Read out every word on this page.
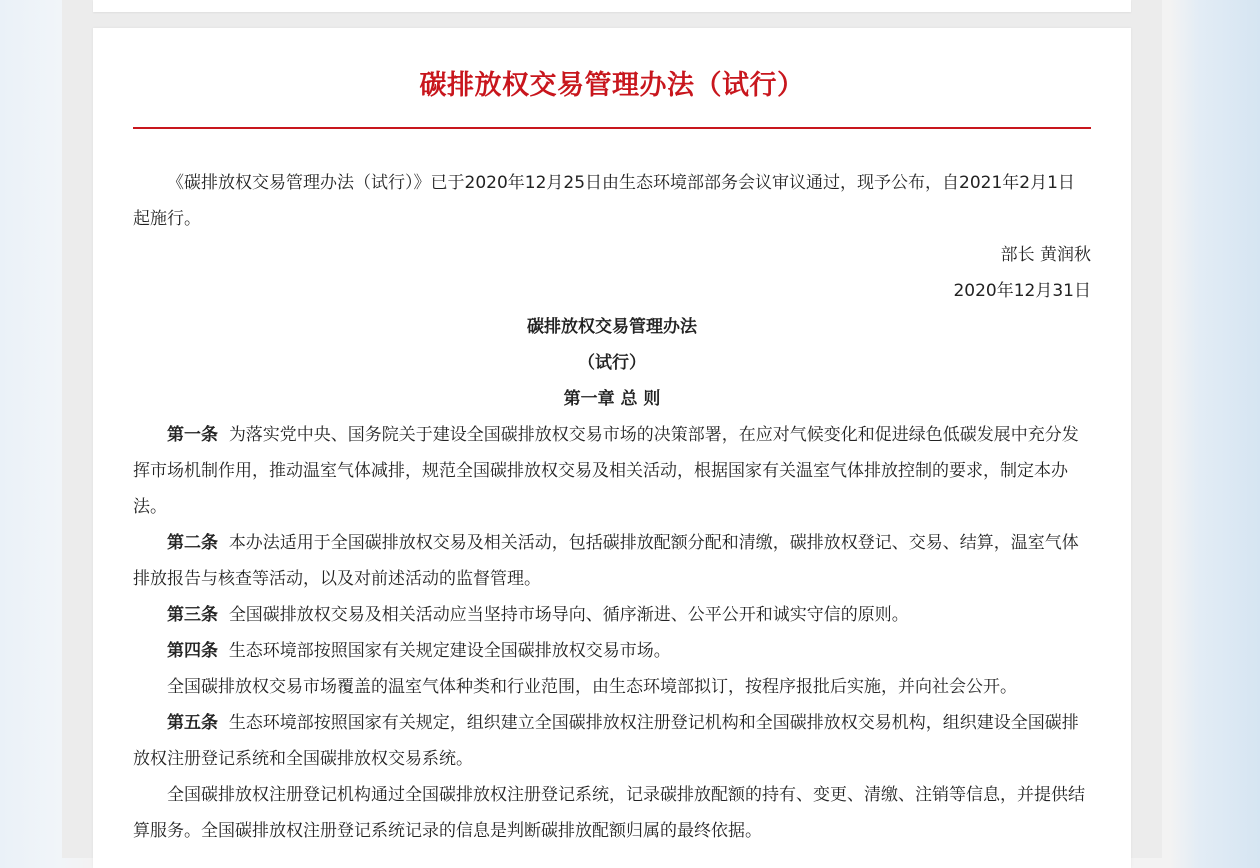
碳排放权交易管理办法（试行）

《碳排放权交易管理办法（试行）》已于2020年12月25日由生态环境部部务会议审议通过，现予公布，自2021年2月1日起施行。

部长 黄润秋

2020年12月31日

碳排放权交易管理办法

（试行）

第一章 总 则

第一条 为落实党中央、国务院关于建设全国碳排放权交易市场的决策部署，在应对气候变化和促进绿色低碳发展中充分发挥市场机制作用，推动温室气体减排，规范全国碳排放权交易及相关活动，根据国家有关温室气体排放控制的要求，制定本办法。

第二条 本办法适用于全国碳排放权交易及相关活动，包括碳排放配额分配和清缴，碳排放权登记、交易、结算，温室气体排放报告与核查等活动，以及对前述活动的监督管理。

第三条 全国碳排放权交易及相关活动应当坚持市场导向、循序渐进、公平公开和诚实守信的原则。

第四条 生态环境部按照国家有关规定建设全国碳排放权交易市场。

全国碳排放权交易市场覆盖的温室气体种类和行业范围，由生态环境部拟订，按程序报批后实施，并向社会公开。

第五条 生态环境部按照国家有关规定，组织建立全国碳排放权注册登记机构和全国碳排放权交易机构，组织建设全国碳排放权注册登记系统和全国碳排放权交易系统。

全国碳排放权注册登记机构通过全国碳排放权注册登记系统，记录碳排放配额的持有、变更、清缴、注销等信息，并提供结算服务。全国碳排放权注册登记系统记录的信息是判断碳排放配额归属的最终依据。
